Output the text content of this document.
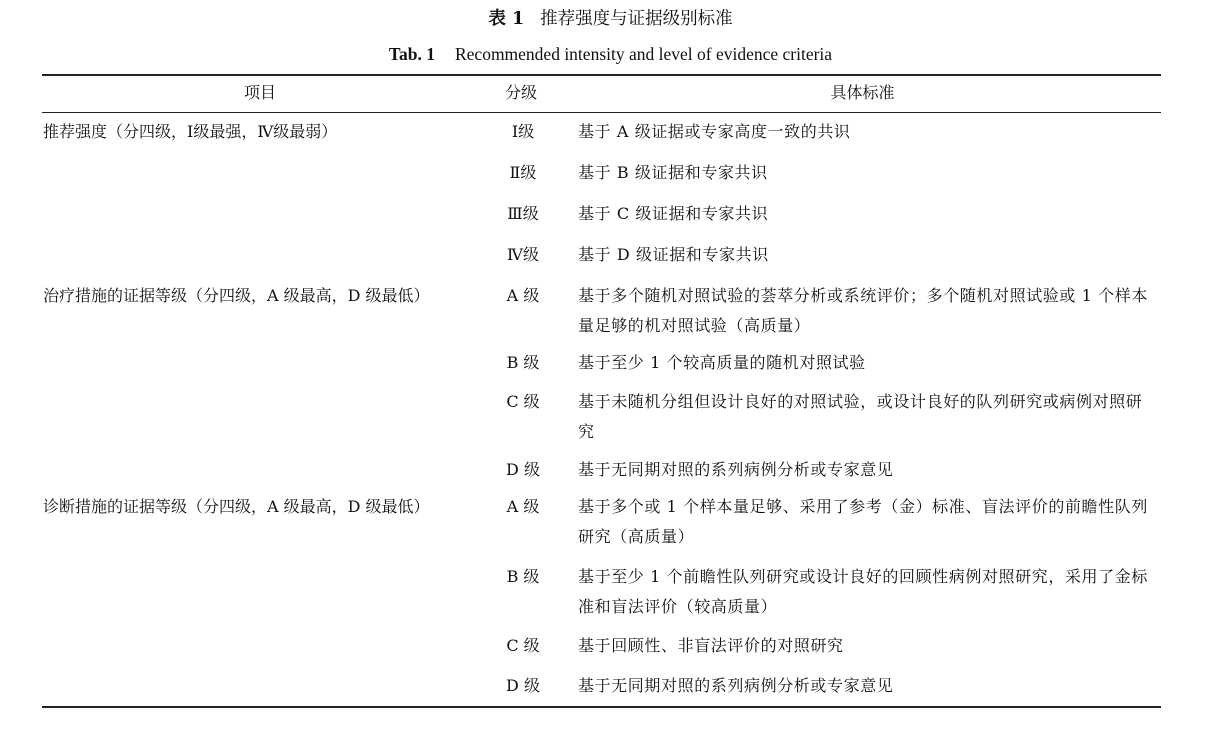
表 1 推荐强度与证据级别标准
Tab. 1 Recommended intensity and level of evidence criteria
项目	分级	具体标准
推荐强度（分四级，Ⅰ级最强，Ⅳ级最弱）	Ⅰ级	基于 A 级证据或专家高度一致的共识
Ⅱ级	基于 B 级证据和专家共识
Ⅲ级	基于 C 级证据和专家共识
Ⅳ级	基于 D 级证据和专家共识
治疗措施的证据等级（分四级，A 级最高，D 级最低）	A 级	基于多个随机对照试验的荟萃分析或系统评价；多个随机对照试验或 1 个样本量足够的机对照试验（高质量）
B 级	基于至少 1 个较高质量的随机对照试验
C 级	基于未随机分组但设计良好的对照试验，或设计良好的队列研究或病例对照研究
D 级	基于无同期对照的系列病例分析或专家意见
诊断措施的证据等级（分四级，A 级最高，D 级最低）	A 级	基于多个或 1 个样本量足够、采用了参考（金）标准、盲法评价的前瞻性队列研究（高质量）
B 级	基于至少 1 个前瞻性队列研究或设计良好的回顾性病例对照研究，采用了金标准和盲法评价（较高质量）
C 级	基于回顾性、非盲法评价的对照研究
D 级	基于无同期对照的系列病例分析或专家意见
